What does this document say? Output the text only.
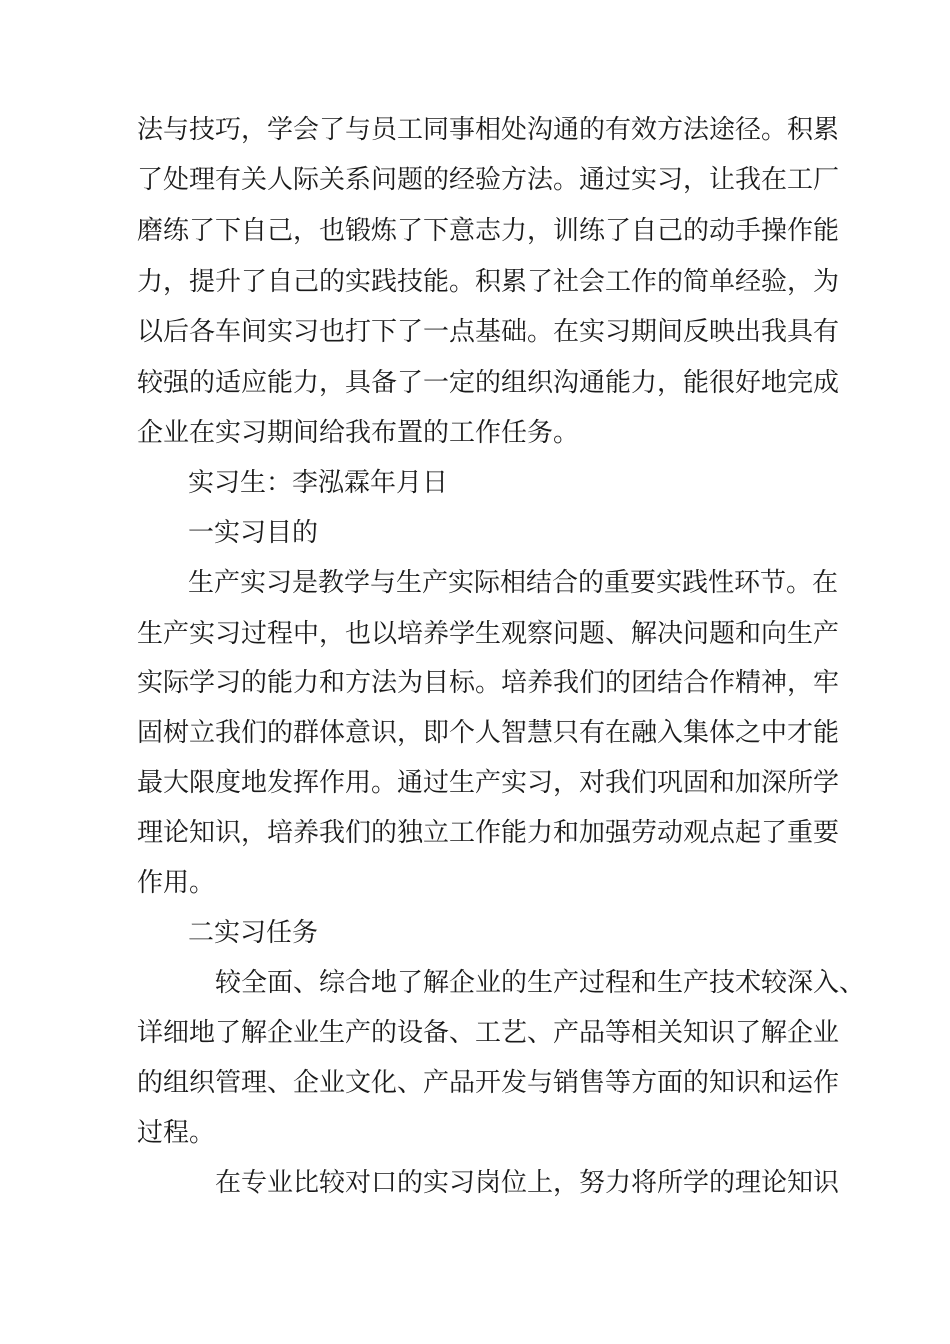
法与技巧，学会了与员工同事相处沟通的有效方法途径。积累
了处理有关人际关系问题的经验方法。通过实习，让我在工厂
磨练了下自己，也锻炼了下意志力，训练了自己的动手操作能
力，提升了自己的实践技能。积累了社会工作的简单经验，为
以后各车间实习也打下了一点基础。在实习期间反映出我具有
较强的适应能力，具备了一定的组织沟通能力，能很好地完成
企业在实习期间给我布置的工作任务。
实习生：李泓霖年月日
一实习目的
生产实习是教学与生产实际相结合的重要实践性环节。在
生产实习过程中，也以培养学生观察问题、解决问题和向生产
实际学习的能力和方法为目标。培养我们的团结合作精神，牢
固树立我们的群体意识，即个人智慧只有在融入集体之中才能
最大限度地发挥作用。通过生产实习，对我们巩固和加深所学
理论知识，培养我们的独立工作能力和加强劳动观点起了重要
作用。
二实习任务
较全面、综合地了解企业的生产过程和生产技术较深入、
详细地了解企业生产的设备、工艺、产品等相关知识了解企业
的组织管理、企业文化、产品开发与销售等方面的知识和运作
过程。
在专业比较对口的实习岗位上，努力将所学的理论知识
